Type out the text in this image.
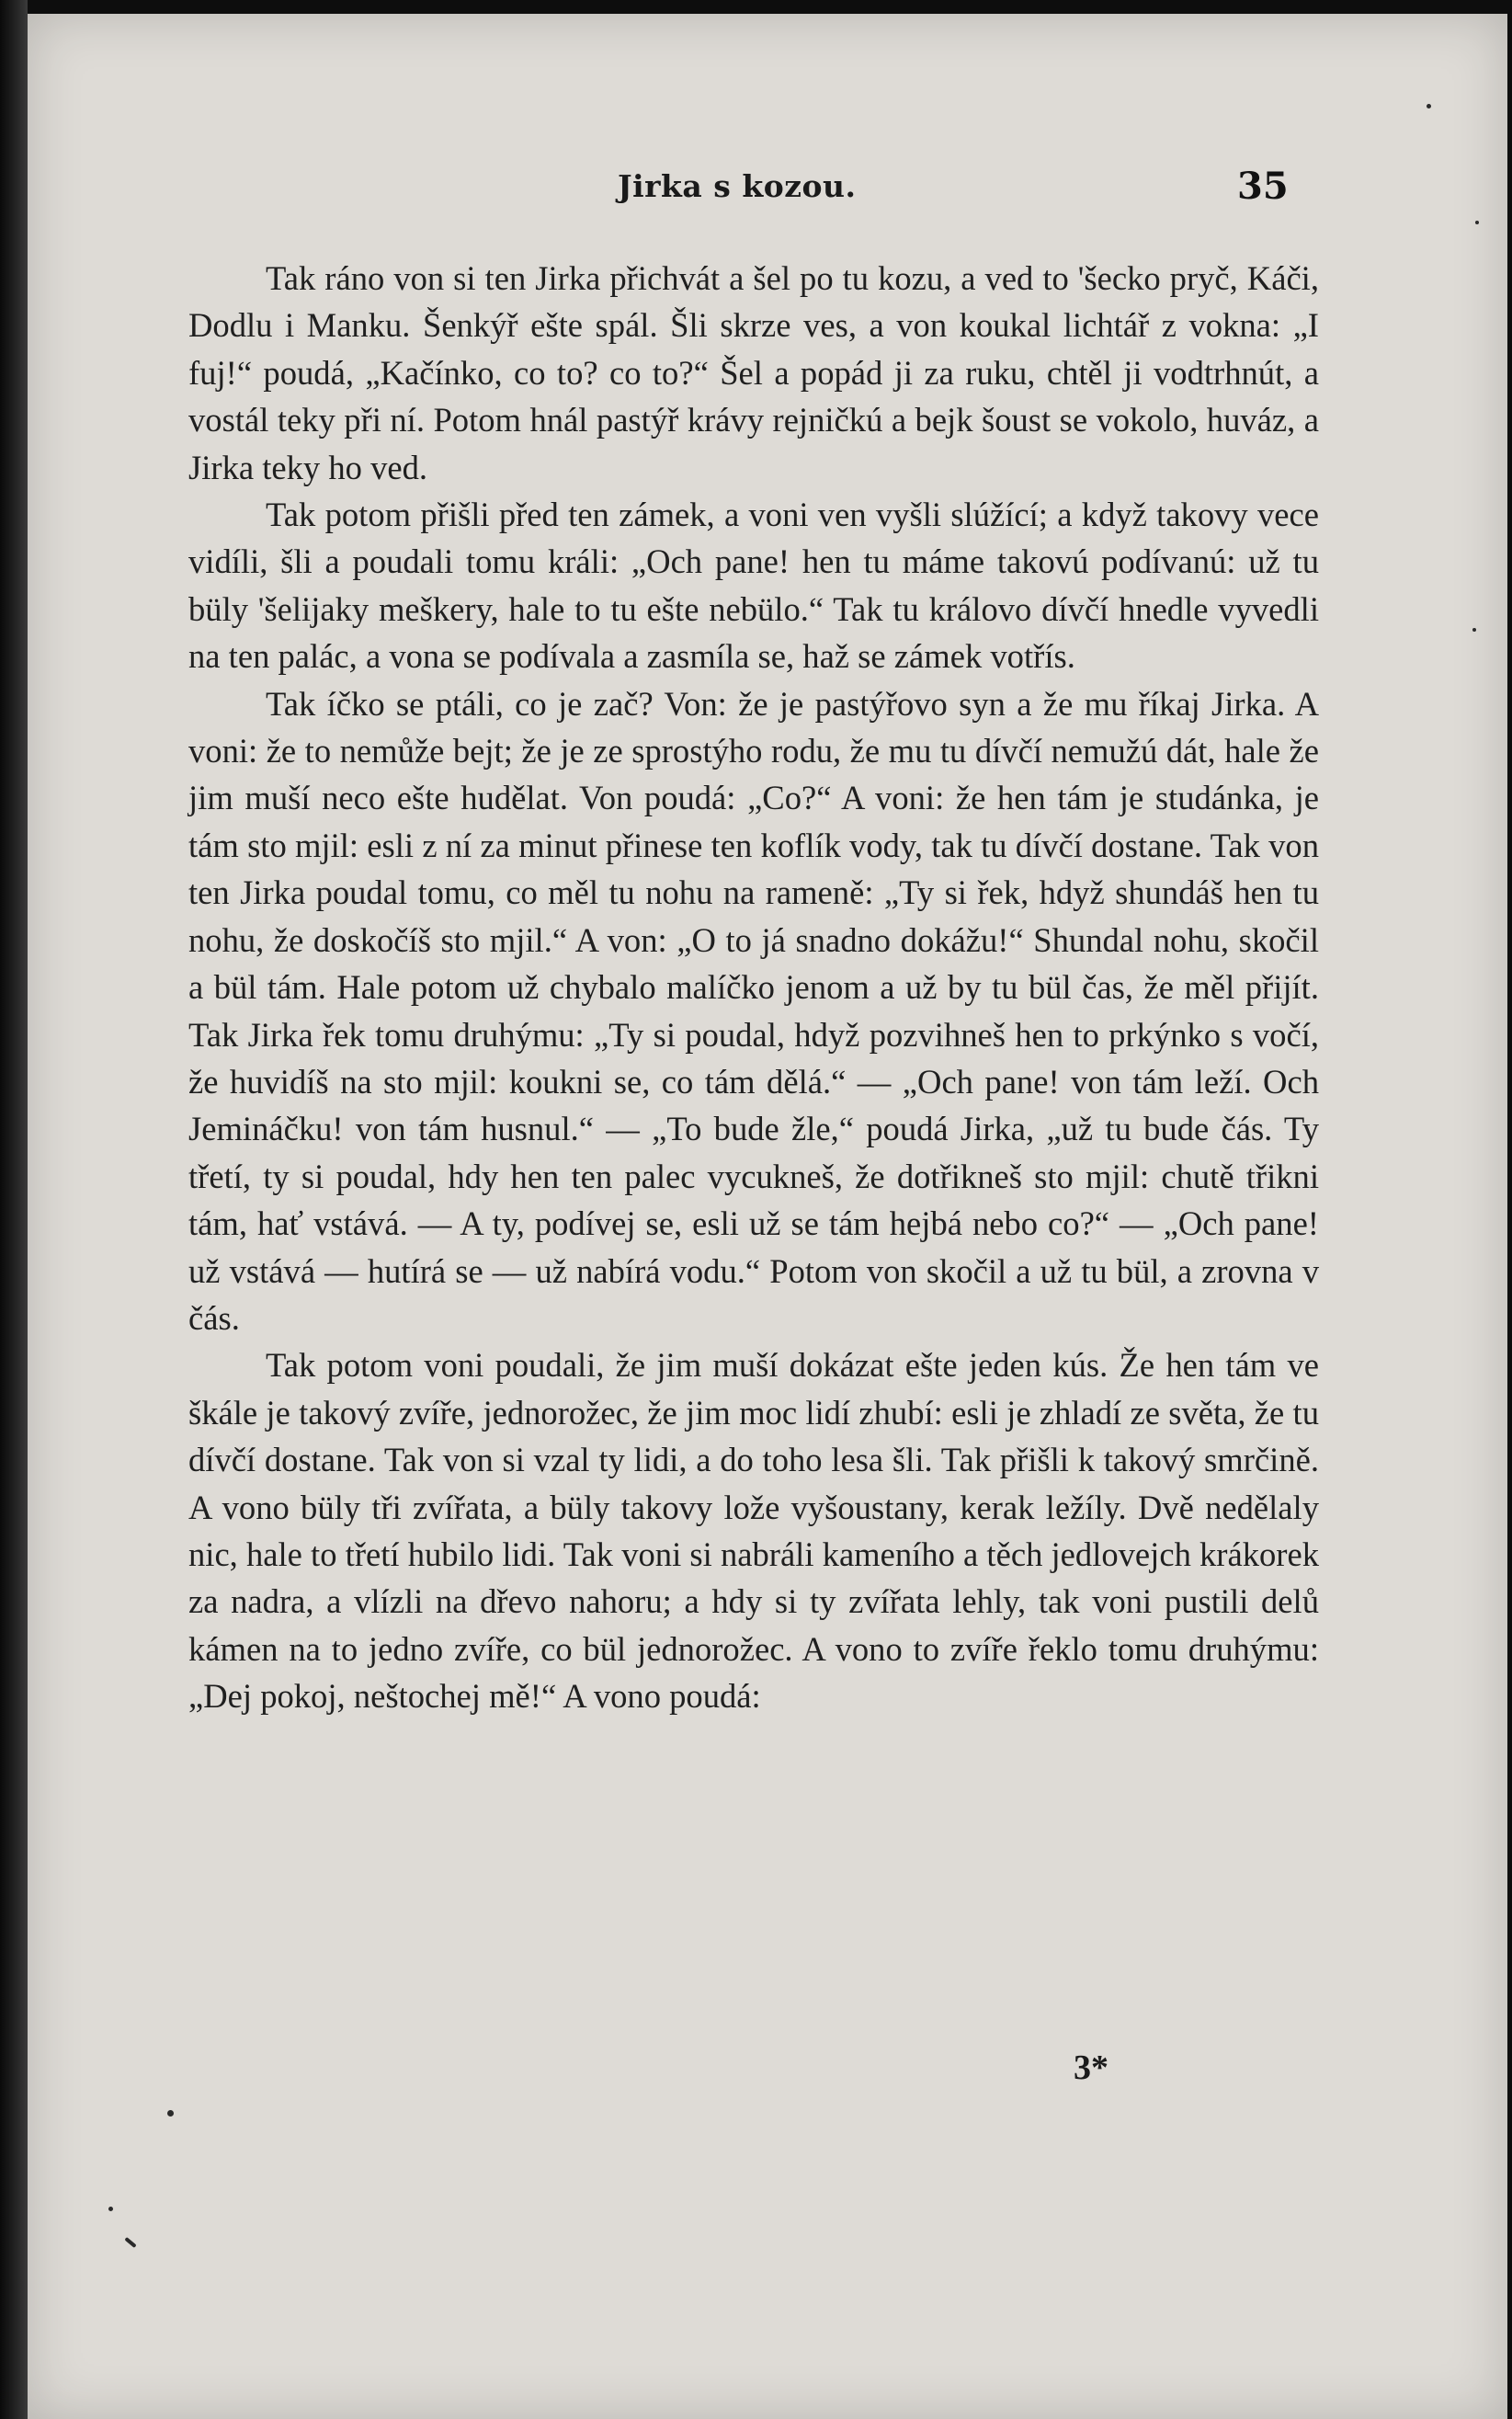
Jirka s kozou.	35

Tak ráno von si ten Jirka přichvát a šel po tu kozu, a ved to 'šecko pryč, Káči, Dodlu i Manku. Šenkýř ešte spál. Šli skrze ves, a von koukal lichtář z vokna: „I fuj!“ poudá, „Kačínko, co to? co to?“ Šel a popád ji za ruku, chtěl ji vodtrhnút, a vostál teky při ní. Potom hnál pastýř krávy rejničkú a bejk šoust se vokolo, huváz, a Jirka teky ho ved.

Tak potom přišli před ten zámek, a voni ven vyšli slúžící; a když takovy vece vidíli, šli a poudali tomu králi: „Och pane! hen tu máme takovú podívanú: už tu büly 'šelijaky meškery, hale to tu ešte nebülo.“ Tak tu královo dívčí hnedle vyvedli na ten palác, a vona se podívala a zasmíla se, haž se zámek votřís.

Tak íčko se ptáli, co je zač? Von: že je pastýřovo syn a že mu říkaj Jirka. A voni: že to nemůže bejt; že je ze sprostýho rodu, že mu tu dívčí nemužú dát, hale že jim muší neco ešte hudělat. Von poudá: „Co?“ A voni: že hen tám je studánka, je tám sto mjil: esli z ní za minut přinese ten koflík vody, tak tu dívčí dostane. Tak von ten Jirka poudal tomu, co měl tu nohu na rameně: „Ty si řek, hdyž shundáš hen tu nohu, že doskočíš sto mjil.“ A von: „O to já snadno dokážu!“ Shundal nohu, skočil a bül tám. Hale potom už chybalo malíčko jenom a už by tu bül čas, že měl přijít. Tak Jirka řek tomu druhýmu: „Ty si poudal, hdyž pozvihneš hen to prkýnko s vočí, že huvidíš na sto mjil: koukni se, co tám dělá.“ — „Och pane! von tám leží. Och Jemináčku! von tám husnul.“ — „To bude žle,“ poudá Jirka, „už tu bude čás. Ty třetí, ty si poudal, hdy hen ten palec vycukneš, že dotřikneš sto mjil: chutě třikni tám, hať vstává. — A ty, podívej se, esli už se tám hejbá nebo co?“ — „Och pane! už vstává — hutírá se — už nabírá vodu.“ Potom von skočil a už tu bül, a zrovna v čás.

Tak potom voni poudali, že jim muší dokázat ešte jeden kús. Že hen tám ve škále je takový zvíře, jednorožec, že jim moc lidí zhubí: esli je zhladí ze světa, že tu dívčí dostane. Tak von si vzal ty lidi, a do toho lesa šli. Tak přišli k takový smrčině. A vono büly tři zvířata, a büly takovy lože vyšoustany, kerak ležíly. Dvě nedělaly nic, hale to třetí hubilo lidi. Tak voni si nabráli kameního a těch jedlovejch krákorek za nadra, a vlízli na dřevo nahoru; a hdy si ty zvířata lehly, tak voni pustili delů kámen na to jedno zvíře, co bül jednorožec. A vono to zvíře řeklo tomu druhýmu: „Dej pokoj, neštochej mě!“ A vono poudá:

3*
